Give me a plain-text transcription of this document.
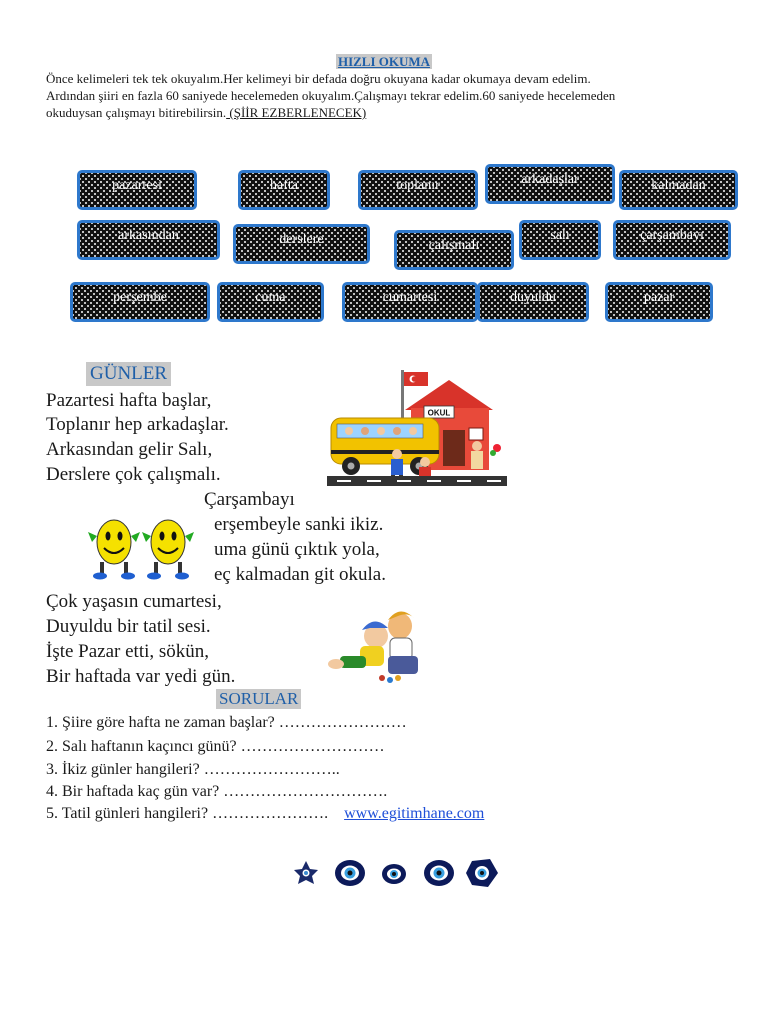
HIZLI OKUMA
Önce kelimeleri tek tek okuyalım.Her kelimeyi bir defada doğru okuyana kadar okumaya devam edelim.
Ardından şiiri en fazla 60 saniyede hecelemeden okuyalım.Çalışmayı tekrar edelim.60 saniyede hecelemeden
okuduysan çalışmayı bitirebilirsin. (ŞİİR EZBERLENECEK)
pazartesi	hafta	toplanır	arkadaşlar	kalmadan
arkasından	derslere	çalışmalı
salı	çarşambayı
perşembe	cuma	cumartesi	duyuldu	pazar
GÜNLER
Pazartesi hafta başlar,
Toplanır hep arkadaşlar.
Arkasından gelir Salı,
Derslere çok çalışmalı.
Çarşambayı
erşembeyle sanki ikiz.
uma günü çıktık yola,
eç kalmadan git okula.
Çok yaşasın cumartesi,
Duyuldu bir tatil sesi.
İşte Pazar etti, sökün,
Bir haftada var yedi gün.
OKUL
SORULAR
1. Şiire göre hafta ne zaman başlar? ……………………
2. Salı haftanın kaçıncı günü? ………………………
3. İkiz günler hangileri? ……………………..
4. Bir haftada kaç gün var? ………………………….
5. Tatil günleri hangileri? …………………. www.egitimhane.com
